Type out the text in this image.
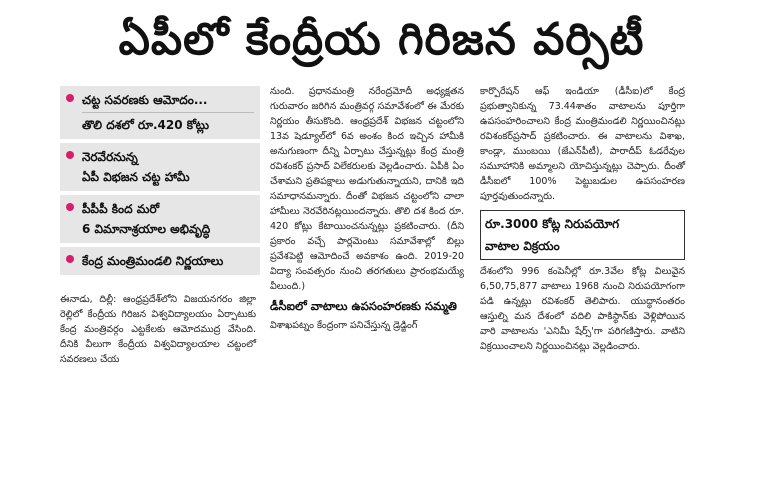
ఏపీలో కేంద్రీయ గిరిజన వర్సిటీ
చట్ట సవరణకు ఆమోదం...
తొలి దశలో రూ.420 కోట్లు
నెరవేరనున్న
ఏపీ విభజన చట్ట హామీ
పీపీపీ కింద మరో
6 విమానాశ్రయాల అభివృద్ధి
కేంద్ర మంత్రిమండలి నిర్ణయాలు

ఈనాడు, దిల్లీ: ఆంధ్రప్రదేశ్‌లోని విజయనగరం జిల్లా రెల్లిలో కేంద్రీయ గిరిజన విశ్వవిద్యాలయం ఏర్పాటుకు కేంద్ర మంత్రివర్గం ఎట్టకేలకు ఆమోదముద్ర వేసింది. దీనికి వీలుగా కేంద్రీయ విశ్వవిద్యాలయాల చట్టంలో సవరణలు చేయ

నుంది. ప్రధానమంత్రి నరేంద్రమోదీ అధ్యక్షతన గురువారం జరిగిన మంత్రివర్గ సమావేశంలో ఈ మేరకు నిర్ణయం తీసుకొంది. ఆంధ్రప్రదేశ్ విభజన చట్టంలోని 13వ షెడ్యూల్‌లో 6వ అంశం కింద ఇచ్చిన హామీకి అనుగుణంగా దీన్ని ఏర్పాటు చేస్తున్నట్లు కేంద్ర మంత్రి రవిశంకర్ ప్రసాద్ విలేకరులకు వెల్లడించారు. ఏపీకి ఏం చేశామని ప్రతిపక్షాలు అడుగుతున్నాయని, దానికి ఇది సమాధానమన్నారు. దీంతో విభజన చట్టంలోని చాలా హామీలు నెరవేరినట్లయిందన్నారు. తొలి దశ కింద రూ. 420 కోట్లు కేటాయించనున్నట్లు ప్రకటించారు. (దీని ప్రకారం వచ్చే పార్లమెంటు సమావేశాల్లో బిల్లు ప్రవేశపెట్టి ఆమోదించే అవకాశం ఉంది. 2019-20 విద్యా సంవత్సరం నుంచి తరగతులు ప్రారంభమయ్యే వీలుంది.)

డీసీఐలో వాటాలు ఉపసంహరణకు సమ్మతి

విశాఖపట్నం కేంద్రంగా పనిచేస్తున్న డ్రెడ్జింగ్

కార్పొరేషన్ ఆఫ్ ఇండియా (డీసీఐ)లో కేంద్ర ప్రభుత్వానికున్న 73.44శాతం వాటాలను పూర్తిగా ఉపసంహరించాలని కేంద్ర మంత్రిమండలి నిర్ణయించినట్లు రవిశంకర్‌ప్రసాద్ ప్రకటించారు. ఈ వాటాలను విశాఖ, కాండ్లా, ముంబయి (జేఎన్‌పీటీ), పారాదీప్ ఓడరేవుల సమూహానికి అమ్మాలని యోచిస్తున్నట్లు చెప్పారు. దీంతో డీసీఐలో 100% పెట్టుబడుల ఉపసంహరణ పూర్తవుతుందన్నారు.

రూ.3000 కోట్ల నిరుపయోగ
వాటాల విక్రయం

దేశంలోని 996 కంపెనీల్లో రూ.3వేల కోట్ల విలువైన 6,50,75,877 వాటాలు 1968 నుంచి నిరుపయోగంగా పడి ఉన్నట్లు రవిశంకర్ తెలిపారు. యుద్ధానంతరం ఆస్తుల్ని మన దేశంలో వదిలి పాకిస్థాన్‌కు వెళ్లిపోయిన వారి వాటాలను 'ఎనిమీ షేర్స్'గా పరిగణిస్తారు. వాటిని విక్రయించాలని నిర్ణయించినట్లు వెల్లడించారు.
